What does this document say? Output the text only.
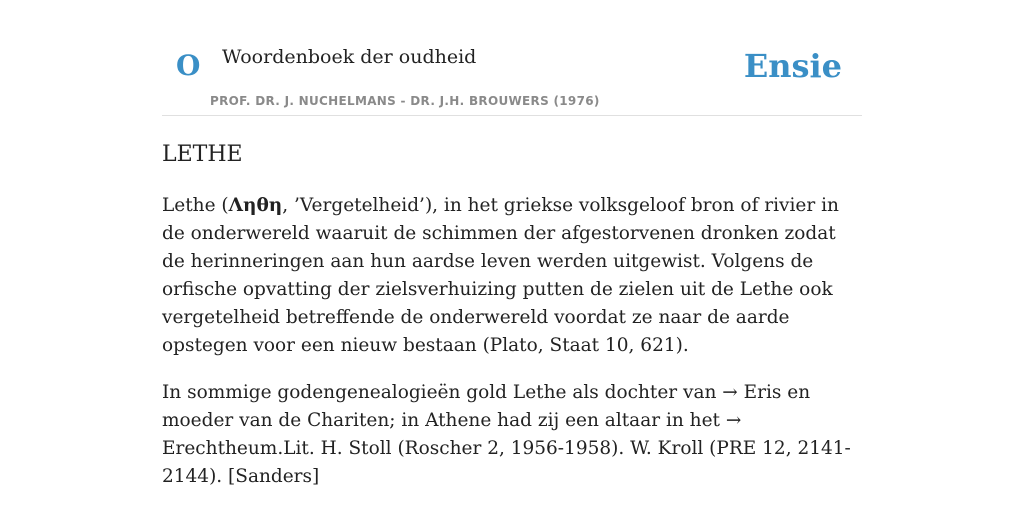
O Woordenboek der oudheid
PROF. DR. J. NUCHELMANS - DR. J.H. BROUWERS (1976)
Ensie
LETHE

Lethe (Ληθη, ’Vergetelheid’), in het griekse volksgeloof bron of rivier in de onderwereld waaruit de schimmen der afgestorvenen dronken zodat de herinneringen aan hun aardse leven werden uitgewist. Volgens de orfische opvatting der zielsverhuizing putten de zielen uit de Lethe ook vergetelheid betreffende de onderwereld voordat ze naar de aarde opstegen voor een nieuw bestaan (Plato, Staat 10, 621).

In sommige godengenealogieën gold Lethe als dochter van → Eris en moeder van de Chariten; in Athene had zij een altaar in het → Erechtheum.Lit. H. Stoll (Roscher 2, 1956-1958). W. Kroll (PRE 12, 2141-2144). [Sanders]
